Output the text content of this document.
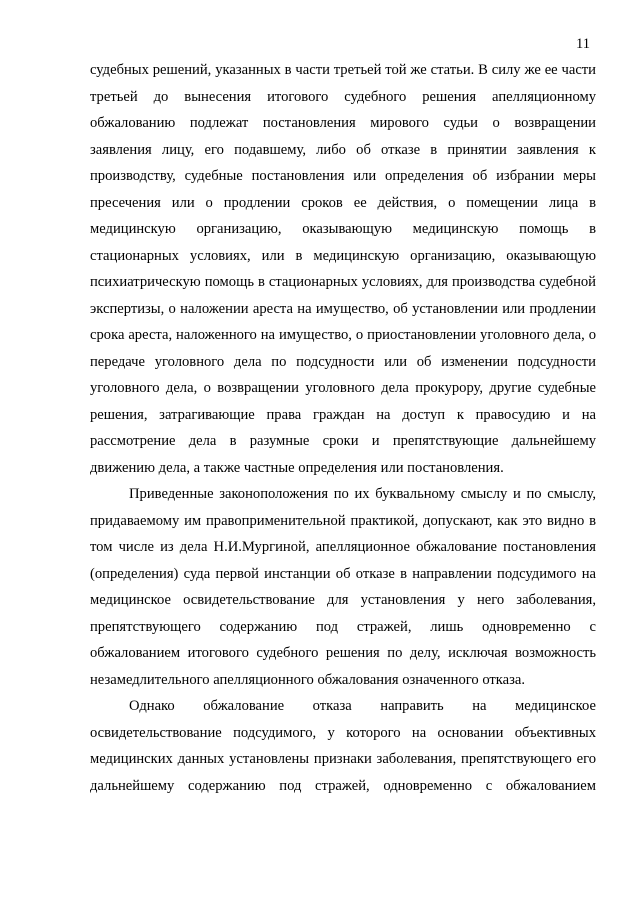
11

судебных решений, указанных в части третьей той же статьи. В силу же ее части третьей до вынесения итогового судебного решения апелляционному обжалованию подлежат постановления мирового судьи о возвращении заявления лицу, его подавшему, либо об отказе в принятии заявления к производству, судебные постановления или определения об избрании меры пресечения или о продлении сроков ее действия, о помещении лица в медицинскую организацию, оказывающую медицинскую помощь в стационарных условиях, или в медицинскую организацию, оказывающую психиатрическую помощь в стационарных условиях, для производства судебной экспертизы, о наложении ареста на имущество, об установлении или продлении срока ареста, наложенного на имущество, о приостановлении уголовного дела, о передаче уголовного дела по подсудности или об изменении подсудности уголовного дела, о возвращении уголовного дела прокурору, другие судебные решения, затрагивающие права граждан на доступ к правосудию и на рассмотрение дела в разумные сроки и препятствующие дальнейшему движению дела, а также частные определения или постановления.

Приведенные законоположения по их буквальному смыслу и по смыслу, придаваемому им правоприменительной практикой, допускают, как это видно в том числе из дела Н.И.Мургиной, апелляционное обжалование постановления (определения) суда первой инстанции об отказе в направлении подсудимого на медицинское освидетельствование для установления у него заболевания, препятствующего содержанию под стражей, лишь одновременно с обжалованием итогового судебного решения по делу, исключая возможность незамедлительного апелляционного обжалования означенного отказа.

Однако обжалование отказа направить на медицинское освидетельствование подсудимого, у которого на основании объективных медицинских данных установлены признаки заболевания, препятствующего его дальнейшему содержанию под стражей, одновременно с обжалованием
